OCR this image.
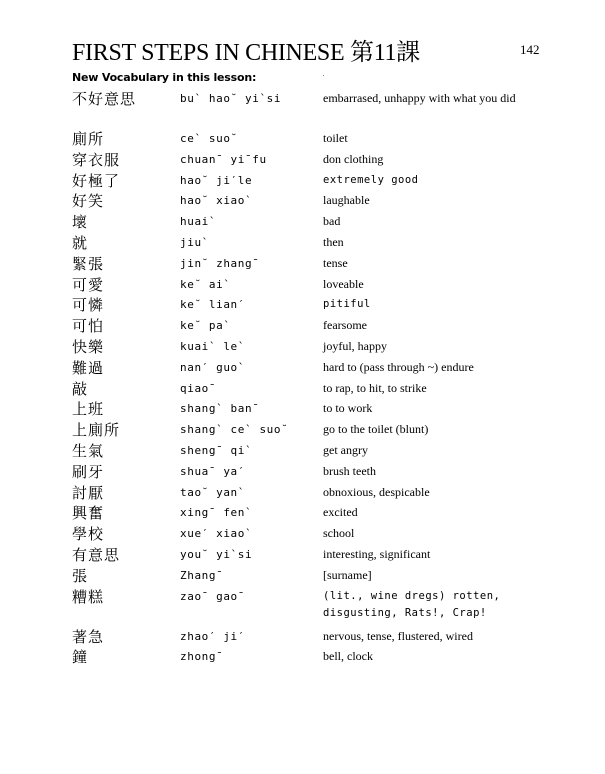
FIRST STEPS IN CHINESE 第11課	142
New Vocabulary in this lesson:
不好意思	bu` hao˘ yi`si	embarrased, unhappy with what you did
廁所	ce` suo˘	toilet
穿衣服	chuan¯ yi¯fu	don clothing
好極了	hao˘ ji′le	extremely good
好笑	hao˘ xiao`	laughable
壞	huai`	bad
就	jiu`	then
緊張	jin˘ zhang¯	tense
可愛	ke˘ ai`	loveable
可憐	ke˘ lian′	pitiful
可怕	ke˘ pa`	fearsome
快樂	kuai` le`	joyful, happy
難過	nan′ guo`	hard to (pass through ~) endure
敲	qiao¯	to rap, to hit, to strike
上班	shang` ban¯	to to work
上廁所	shang` ce` suo˘	go to the toilet (blunt)
生氣	sheng¯ qi`	get angry
刷牙	shua¯ ya′	brush teeth
討厭	tao˘ yan`	obnoxious, despicable
興奮	xing¯ fen`	excited
學校	xue′ xiao`	school
有意思	you˘ yi`si	interesting, significant
張	Zhang¯	[surname]
糟糕	zao¯ gao¯	(lit., wine dregs) rotten, disgusting, Rats!, Crap!
著急	zhao′ ji′	nervous, tense, flustered, wired
鐘	zhong¯	bell, clock
